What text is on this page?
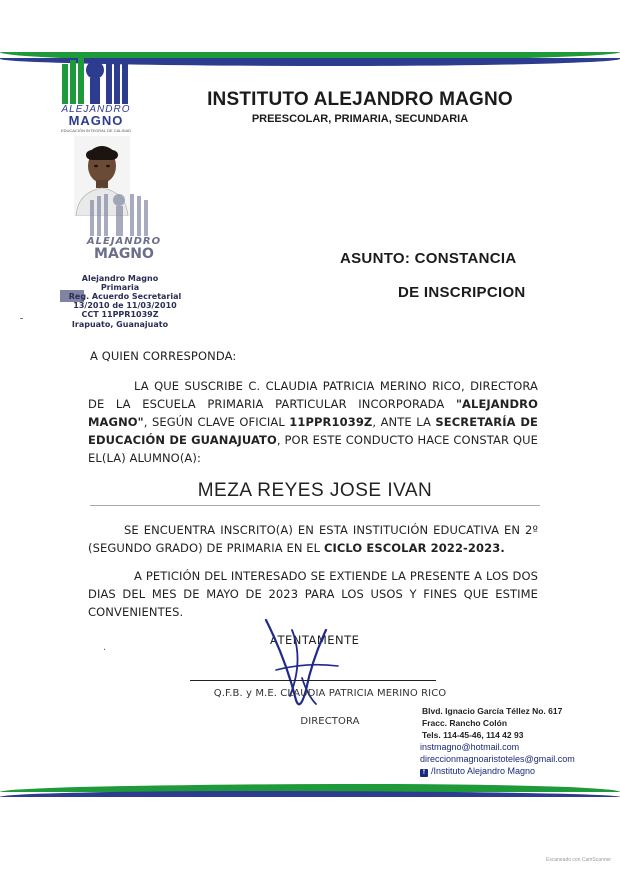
ALEJANDRO
MAGNO
EDUCACIÓN INTEGRAL DE CALIDAD
INSTITUTO ALEJANDRO MAGNO
PREESCOLAR, PRIMARIA, SECUNDARIA
ALEJANDRO
MAGNO
Alejandro Magno
Primaria
Reg. Acuerdo Secretarial
13/2010 de 11/03/2010
CCT 11PPR1039Z
Irapuato, Guanajuato
ASUNTO: CONSTANCIA
DE INSCRIPCION
A QUIEN CORRESPONDA:
LA QUE SUSCRIBE C. CLAUDIA PATRICIA MERINO RICO, DIRECTORA DE LA ESCUELA PRIMARIA PARTICULAR INCORPORADA "ALEJANDRO MAGNO", SEGÚN CLAVE OFICIAL 11PPR1039Z, ANTE LA SECRETARÍA DE EDUCACIÓN DE GUANAJUATO, POR ESTE CONDUCTO HACE CONSTAR QUE EL(LA) ALUMNO(A):
MEZA REYES JOSE IVAN
SE ENCUENTRA INSCRITO(A) EN ESTA INSTITUCIÓN EDUCATIVA EN 2º (SEGUNDO GRADO) DE PRIMARIA EN EL CICLO ESCOLAR 2022-2023.
A PETICIÓN DEL INTERESADO SE EXTIENDE LA PRESENTE A LOS DOS DIAS DEL MES DE MAYO DE 2023 PARA LOS USOS Y FINES QUE ESTIME CONVENIENTES.
·
ATENTAMENTE
Q.F.B. y M.E. CLAUDIA PATRICIA MERINO RICO
DIRECTORA
Blvd. Ignacio García Téllez No. 617
Fracc. Rancho Colón
Tels. 114-45-46, 114 42 93
instmagno@hotmail.com
direccionmagnoaristoteles@gmail.com
f /Instituto Alejandro Magno
Escaneado con CamScanner
